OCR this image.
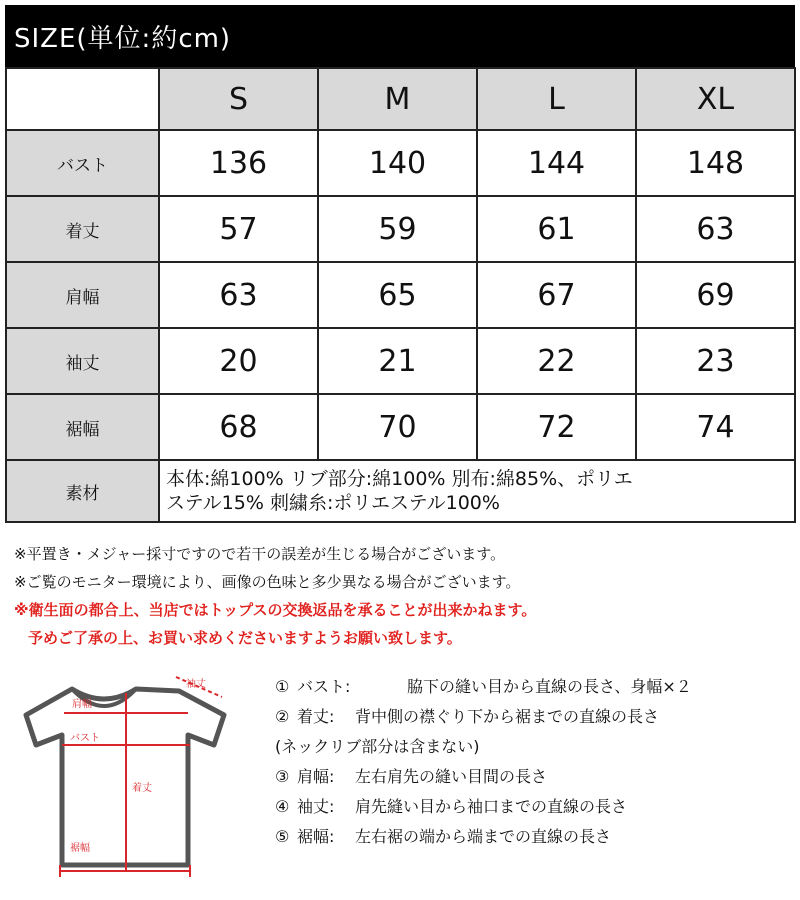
SIZE(単位:約cm)
	S	M	L	XL
バスト	136	140	144	148
着丈	57	59	61	63
肩幅	63	65	67	69
袖丈	20	21	22	23
裾幅	68	70	72	74
素材	本体:綿100% リブ部分:綿100% 別布:綿85%、ポリエ
ステル15% 刺繍糸:ポリエステル100%			
※平置き・メジャー採寸ですので若干の誤差が生じる場合がございます。
※ご覧のモニター環境により、画像の色味と多少異なる場合がございます。
※衛生面の都合上、当店ではトップスの交換返品を承ることが出来かねます。
予めご了承の上、お買い求めくださいますようお願い致します。
袖丈
肩幅
バスト
着丈
裾幅
① バスト:	脇下の縫い目から直線の長さ、身幅×２
② 着丈: 背中側の襟ぐり下から裾までの直線の長さ
(ネックリブ部分は含まない)
③ 肩幅: 左右肩先の縫い目間の長さ
④ 袖丈: 肩先縫い目から袖口までの直線の長さ
⑤ 裾幅: 左右裾の端から端までの直線の長さ
